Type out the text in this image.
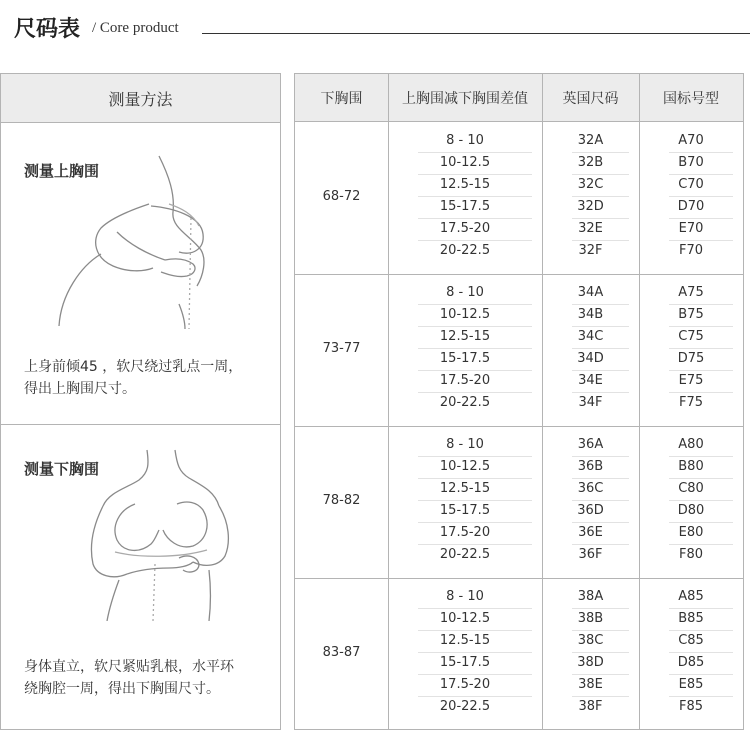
尺码表 / Core product
测量方法
测量上胸围
上身前倾45 ，软尺绕过乳点一周，
得出上胸围尺寸。
测量下胸围
身体直立，软尺紧贴乳根，水平环
绕胸腔一周，得出下胸围尺寸。
下胸围	上胸围减下胸围差值	英国尺码	国标号型
68-72
8 - 10	32A	A70
10-12.5	32B	B70
12.5-15	32C	C70
15-17.5	32D	D70
17.5-20	32E	E70
20-22.5	32F	F70
73-77
8 - 10	34A	A75
10-12.5	34B	B75
12.5-15	34C	C75
15-17.5	34D	D75
17.5-20	34E	E75
20-22.5	34F	F75
78-82
8 - 10	36A	A80
10-12.5	36B	B80
12.5-15	36C	C80
15-17.5	36D	D80
17.5-20	36E	E80
20-22.5	36F	F80
83-87
8 - 10	38A	A85
10-12.5	38B	B85
12.5-15	38C	C85
15-17.5	38D	D85
17.5-20	38E	E85
20-22.5	38F	F85
